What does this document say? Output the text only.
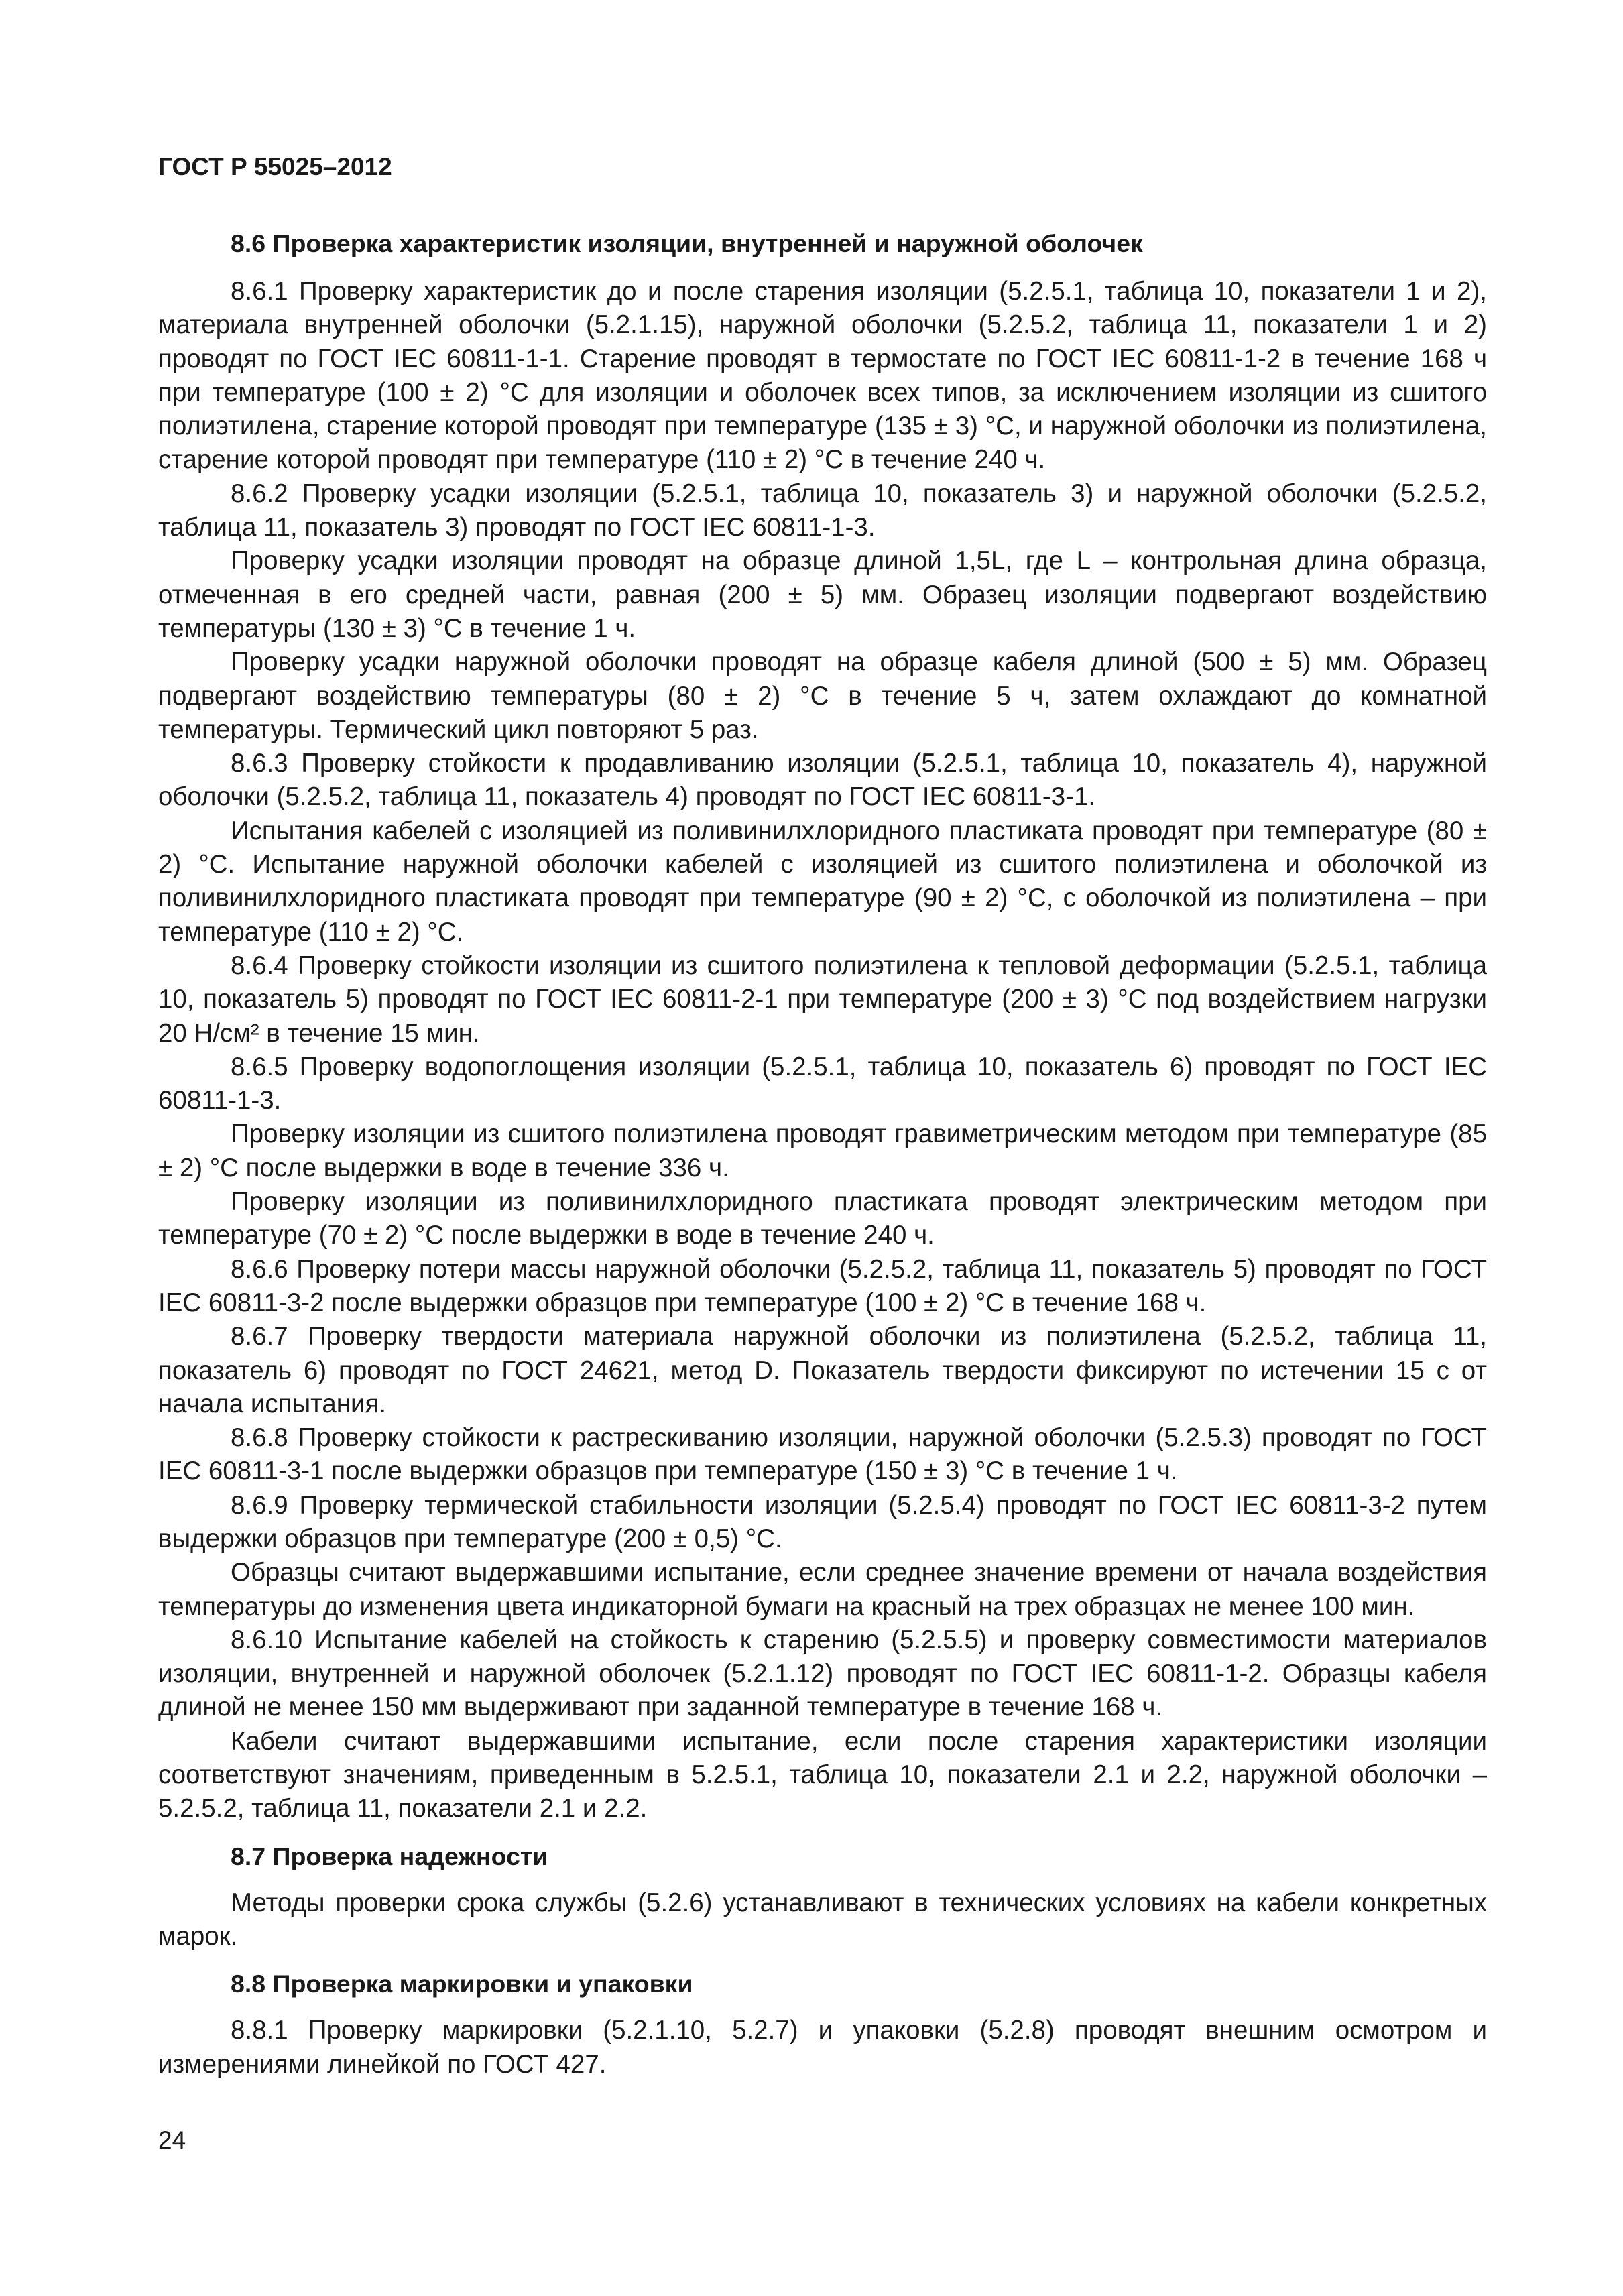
ГОСТ Р 55025–2012
8.6 Проверка характеристик изоляции, внутренней и наружной оболочек

8.6.1 Проверку характеристик до и после старения изоляции (5.2.5.1, таблица 10, показатели 1 и 2), материала внутренней оболочки (5.2.1.15), наружной оболочки (5.2.5.2, таблица 11, показатели 1 и 2) проводят по ГОСТ IEC 60811-1-1. Старение проводят в термостате по ГОСТ IEC 60811-1-2 в течение 168 ч при температуре (100 ± 2) °С для изоляции и оболочек всех типов, за исключением изоляции из сшитого полиэтилена, старение которой проводят при температуре (135 ± 3) °С, и наружной оболочки из полиэтилена, старение которой проводят при температуре (110 ± 2) °С в течение 240 ч.

8.6.2 Проверку усадки изоляции (5.2.5.1, таблица 10, показатель 3) и наружной оболочки (5.2.5.2, таблица 11, показатель 3) проводят по ГОСТ IEC 60811-1-3.

Проверку усадки изоляции проводят на образце длиной 1,5L, где L – контрольная длина образца, отмеченная в его средней части, равная (200 ± 5) мм. Образец изоляции подвергают воздействию температуры (130 ± 3) °С в течение 1 ч.

Проверку усадки наружной оболочки проводят на образце кабеля длиной (500 ± 5) мм. Образец подвергают воздействию температуры (80 ± 2) °С в течение 5 ч, затем охлаждают до комнатной температуры. Термический цикл повторяют 5 раз.

8.6.3 Проверку стойкости к продавливанию изоляции (5.2.5.1, таблица 10, показатель 4), наружной оболочки (5.2.5.2, таблица 11, показатель 4) проводят по ГОСТ IEC 60811-3-1.

Испытания кабелей с изоляцией из поливинилхлоридного пластиката проводят при температуре (80 ± 2) °С. Испытание наружной оболочки кабелей с изоляцией из сшитого полиэтилена и оболочкой из поливинилхлоридного пластиката проводят при температуре (90 ± 2) °С, с оболочкой из полиэтилена – при температуре (110 ± 2) °С.

8.6.4 Проверку стойкости изоляции из сшитого полиэтилена к тепловой деформации (5.2.5.1, таблица 10, показатель 5) проводят по ГОСТ IEC 60811-2-1 при температуре (200 ± 3) °С под воздействием нагрузки 20 Н/см² в течение 15 мин.

8.6.5 Проверку водопоглощения изоляции (5.2.5.1, таблица 10, показатель 6) проводят по ГОСТ IEC 60811-1-3.

Проверку изоляции из сшитого полиэтилена проводят гравиметрическим методом при температуре (85 ± 2) °С после выдержки в воде в течение 336 ч.

Проверку изоляции из поливинилхлоридного пластиката проводят электрическим методом при температуре (70 ± 2) °С после выдержки в воде в течение 240 ч.

8.6.6 Проверку потери массы наружной оболочки (5.2.5.2, таблица 11, показатель 5) проводят по ГОСТ IEC 60811-3-2 после выдержки образцов при температуре (100 ± 2) °С в течение 168 ч.

8.6.7 Проверку твердости материала наружной оболочки из полиэтилена (5.2.5.2, таблица 11, показатель 6) проводят по ГОСТ 24621, метод D. Показатель твердости фиксируют по истечении 15 с от начала испытания.

8.6.8 Проверку стойкости к растрескиванию изоляции, наружной оболочки (5.2.5.3) проводят по ГОСТ IEC 60811-3-1 после выдержки образцов при температуре (150 ± 3) °С в течение 1 ч.

8.6.9 Проверку термической стабильности изоляции (5.2.5.4) проводят по ГОСТ IEC 60811-3-2 путем выдержки образцов при температуре (200 ± 0,5) °С.

Образцы считают выдержавшими испытание, если среднее значение времени от начала воздействия температуры до изменения цвета индикаторной бумаги на красный на трех образцах не менее 100 мин.

8.6.10 Испытание кабелей на стойкость к старению (5.2.5.5) и проверку совместимости материалов изоляции, внутренней и наружной оболочек (5.2.1.12) проводят по ГОСТ IEC 60811-1-2. Образцы кабеля длиной не менее 150 мм выдерживают при заданной температуре в течение 168 ч.

Кабели считают выдержавшими испытание, если после старения характеристики изоляции соответствуют значениям, приведенным в 5.2.5.1, таблица 10, показатели 2.1 и 2.2, наружной оболочки – 5.2.5.2, таблица 11, показатели 2.1 и 2.2.

8.7 Проверка надежности

Методы проверки срока службы (5.2.6) устанавливают в технических условиях на кабели конкретных марок.

8.8 Проверка маркировки и упаковки

8.8.1 Проверку маркировки (5.2.1.10, 5.2.7) и упаковки (5.2.8) проводят внешним осмотром и измерениями линейкой по ГОСТ 427.

24
